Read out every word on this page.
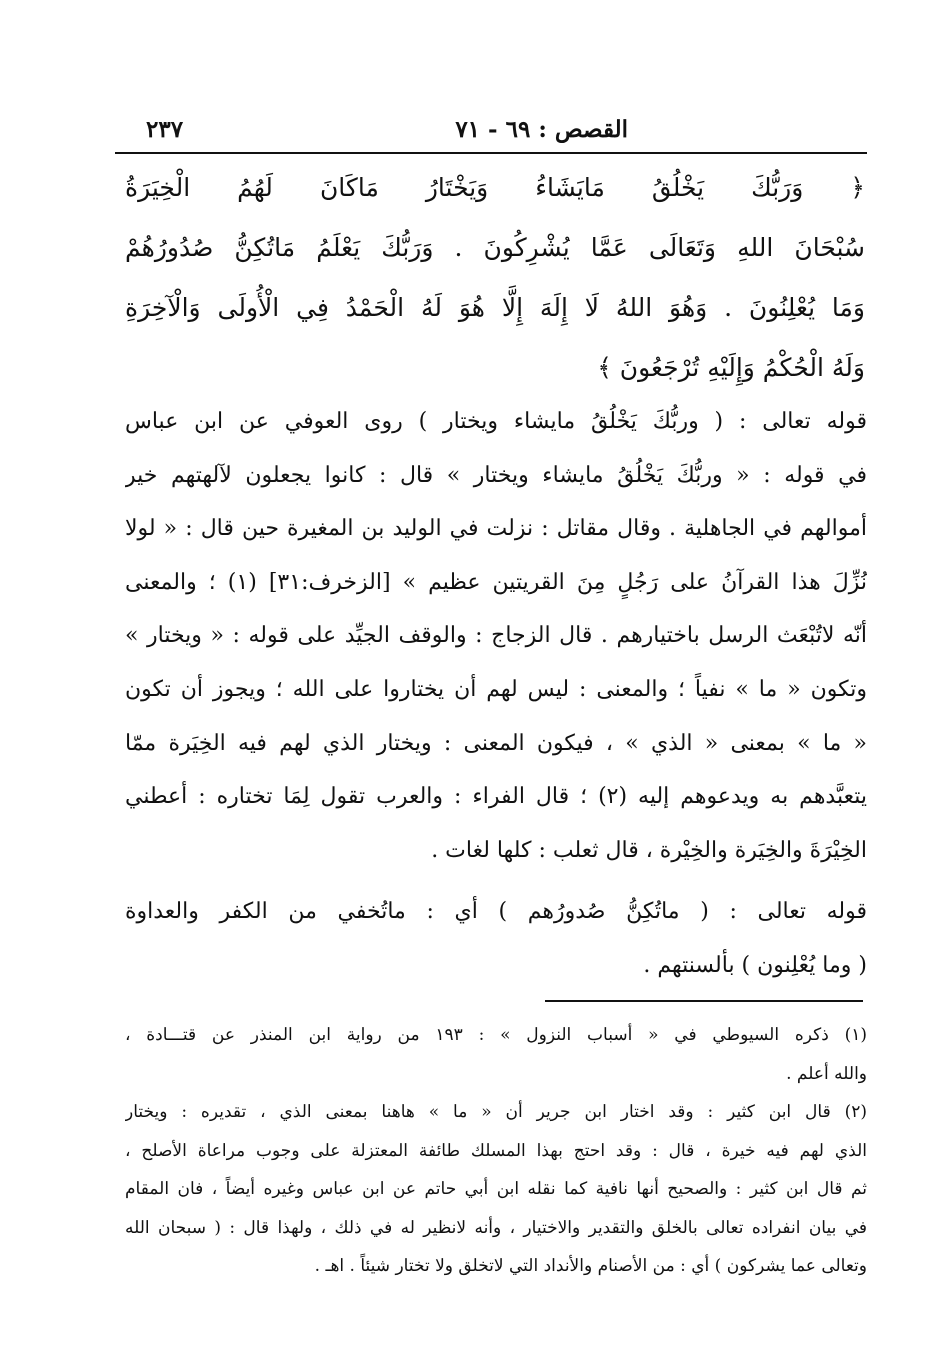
القصص : ٦٩ - ٧١
٢٣٧
﴿ وَرَبُّكَ يَخْلُقُ مَايَشَاءُ وَيَخْتَارُ مَاكَانَ لَهُمُ الْخِيَرَةُ
سُبْحَانَ اللهِ وَتَعَالَى عَمَّا يُشْرِكُونَ . وَرَبُّكَ يَعْلَمُ مَاتُكِنُّ صُدُورُهُمْ
وَمَا يُعْلِنُونَ . وَهُوَ اللهُ لَا إِلَهَ إِلَّا هُوَ لَهُ الْحَمْدُ فِي الْأُولَى وَالْآخِرَةِ
وَلَهُ الْحُكْمُ وَإِلَيْهِ تُرْجَعُونَ ﴾
قوله تعالى : ( وربُّكَ يَخْلُقُ مايشاء ويختار ) روى العوفي عن ابن عباس
في قوله : « وربُّكَ يَخْلُقُ مايشاء ويختار » قال : كانوا يجعلون لآلهتهم خير
أموالهم في الجاهلية . وقال مقاتل : نزلت في الوليد بن المغيرة حين قال : « لولا
نُزِّلَ هذا القرآنُ على رَجُلٍ مِنَ القريتين عظيم » [الزخرف:٣١] (١) ؛ والمعنى
أنّه لاتُبْعَث الرسل باختيارهم . قال الزجاج : والوقف الجيِّد على قوله : « ويختار »
وتكون « ما » نفياً ؛ والمعنى : ليس لهم أن يختاروا على الله ؛ ويجوز أن تكون
« ما » بمعنى « الذي » ، فيكون المعنى : ويختار الذي لهم فيه الخِيَرة ممّا
يتعبَّدهم به ويدعوهم إليه (٢) ؛ قال الفراء : والعرب تقول لِمَا تختاره : أعطني
الخِيْرَةَ والخِيَرة والخِيْرة ، قال ثعلب : كلها لغات .
قوله تعالى : ( ماتُكِنُّ صُدورُهم ) أي : ماتُخفي من الكفر والعداوة
( وما يُعْلِنون ) بألسنتهم .
(١) ذكره السيوطي في « أسباب النزول » : ١٩٣ من رواية ابن المنذر عن قتـــادة ،
والله أعلم .
(٢) قال ابن كثير : وقد اختار ابن جرير أن « ما » هاهنا بمعنى الذي ، تقديره : ويختار
الذي لهم فيه خيرة ، قال : وقد احتج بهذا المسلك طائفة المعتزلة على وجوب مراعاة الأصلح ،
ثم قال ابن كثير : والصحيح أنها نافية كما نقله ابن أبي حاتم عن ابن عباس وغيره أيضاً ، فان المقام
في بيان انفراده تعالى بالخلق والتقدير والاختيار ، وأنه لانظير له في ذلك ، ولهذا قال : ( سبحان الله
وتعالى عما يشركون ) أي : من الأصنام والأنداد التي لاتخلق ولا تختار شيئاً . اهـ .
